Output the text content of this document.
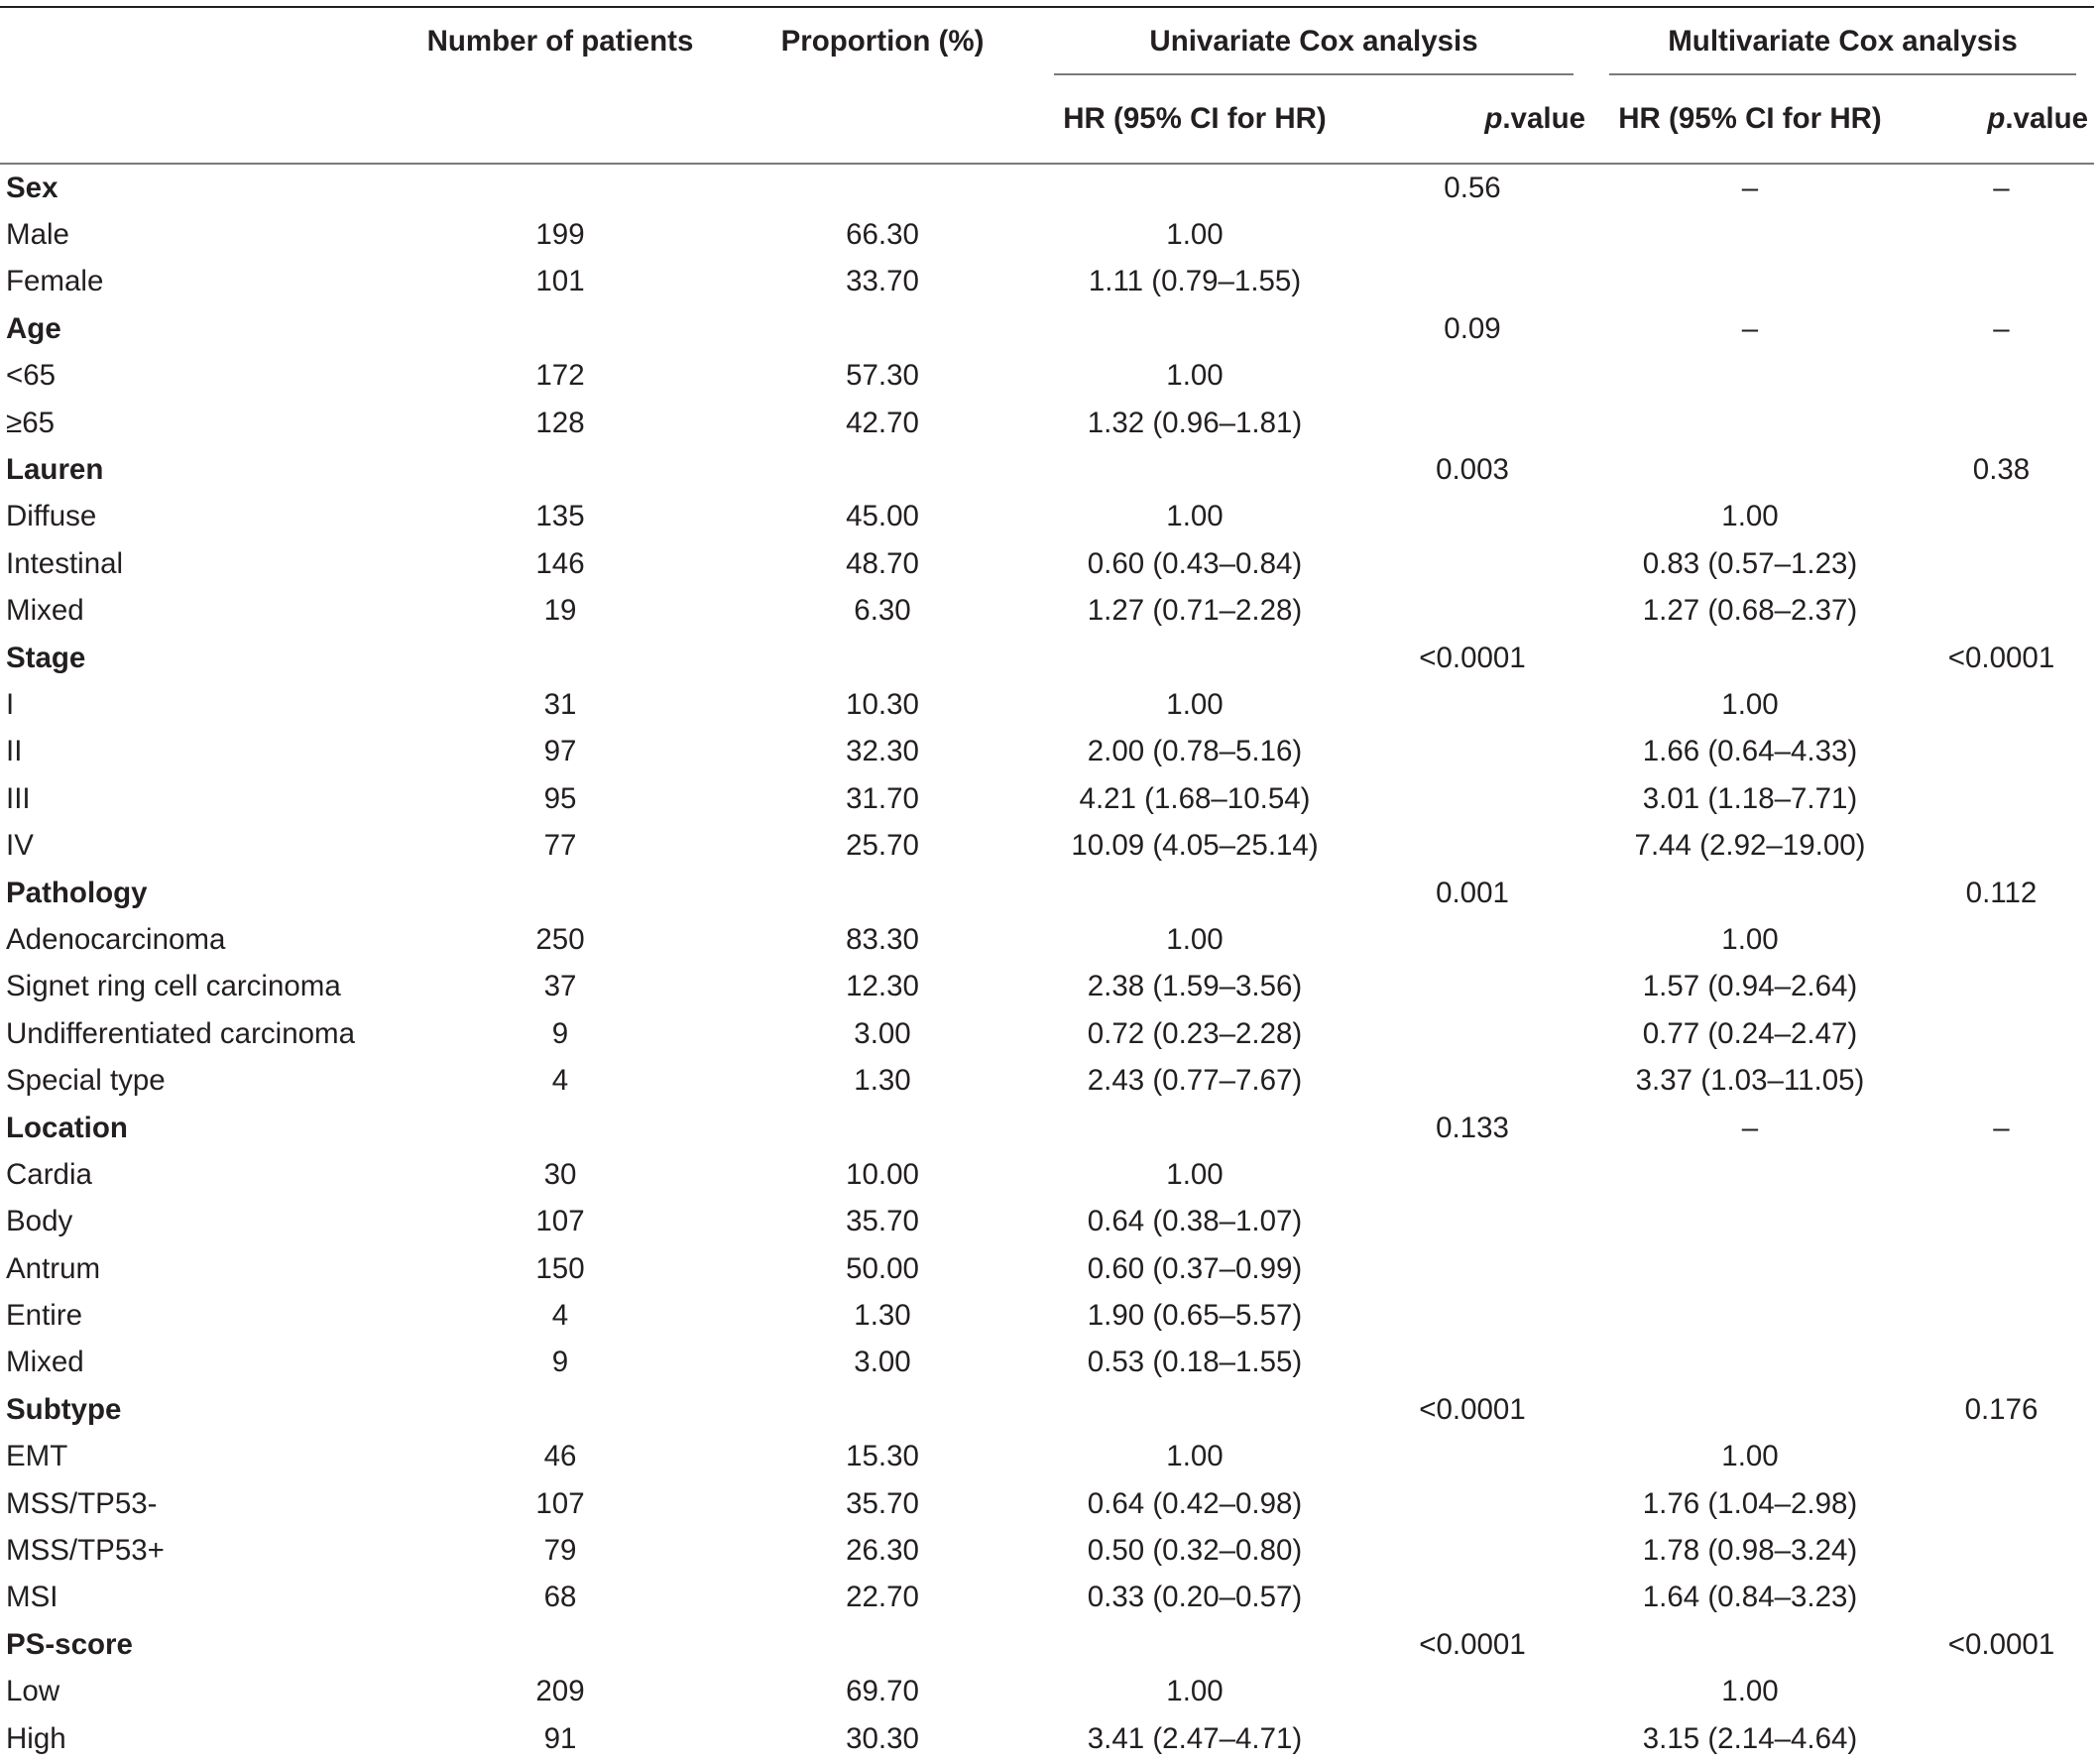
	Number of patients	Proportion (%)	Univariate Cox analysis		Multivariate Cox analysis	

			HR (95% CI for HR)	p.value	HR (95% CI for HR)	p.value
Sex				0.56	–	–
Male	199	66.30	1.00			
Female	101	33.70	1.11 (0.79–1.55)			
Age				0.09	–	–
<65	172	57.30	1.00			
≥65	128	42.70	1.32 (0.96–1.81)			
Lauren				0.003		0.38
Diffuse	135	45.00	1.00		1.00	
Intestinal	146	48.70	0.60 (0.43–0.84)		0.83 (0.57–1.23)	
Mixed	19	6.30	1.27 (0.71–2.28)		1.27 (0.68–2.37)	
Stage				<0.0001		<0.0001
I	31	10.30	1.00		1.00	
II	97	32.30	2.00 (0.78–5.16)		1.66 (0.64–4.33)	
III	95	31.70	4.21 (1.68–10.54)		3.01 (1.18–7.71)	
IV	77	25.70	10.09 (4.05–25.14)		7.44 (2.92–19.00)	
Pathology				0.001		0.112
Adenocarcinoma	250	83.30	1.00		1.00	
Signet ring cell carcinoma	37	12.30	2.38 (1.59–3.56)		1.57 (0.94–2.64)	
Undifferentiated carcinoma	9	3.00	0.72 (0.23–2.28)		0.77 (0.24–2.47)	
Special type	4	1.30	2.43 (0.77–7.67)		3.37 (1.03–11.05)	
Location				0.133	–	–
Cardia	30	10.00	1.00			
Body	107	35.70	0.64 (0.38–1.07)			
Antrum	150	50.00	0.60 (0.37–0.99)			
Entire	4	1.30	1.90 (0.65–5.57)			
Mixed	9	3.00	0.53 (0.18–1.55)			
Subtype				<0.0001		0.176
EMT	46	15.30	1.00		1.00	
MSS/TP53-	107	35.70	0.64 (0.42–0.98)		1.76 (1.04–2.98)	
MSS/TP53+	79	26.30	0.50 (0.32–0.80)		1.78 (0.98–3.24)	
MSI	68	22.70	0.33 (0.20–0.57)		1.64 (0.84–3.23)	
PS-score				<0.0001		<0.0001
Low	209	69.70	1.00		1.00	
High	91	30.30	3.41 (2.47–4.71)		3.15 (2.14–4.64)	
